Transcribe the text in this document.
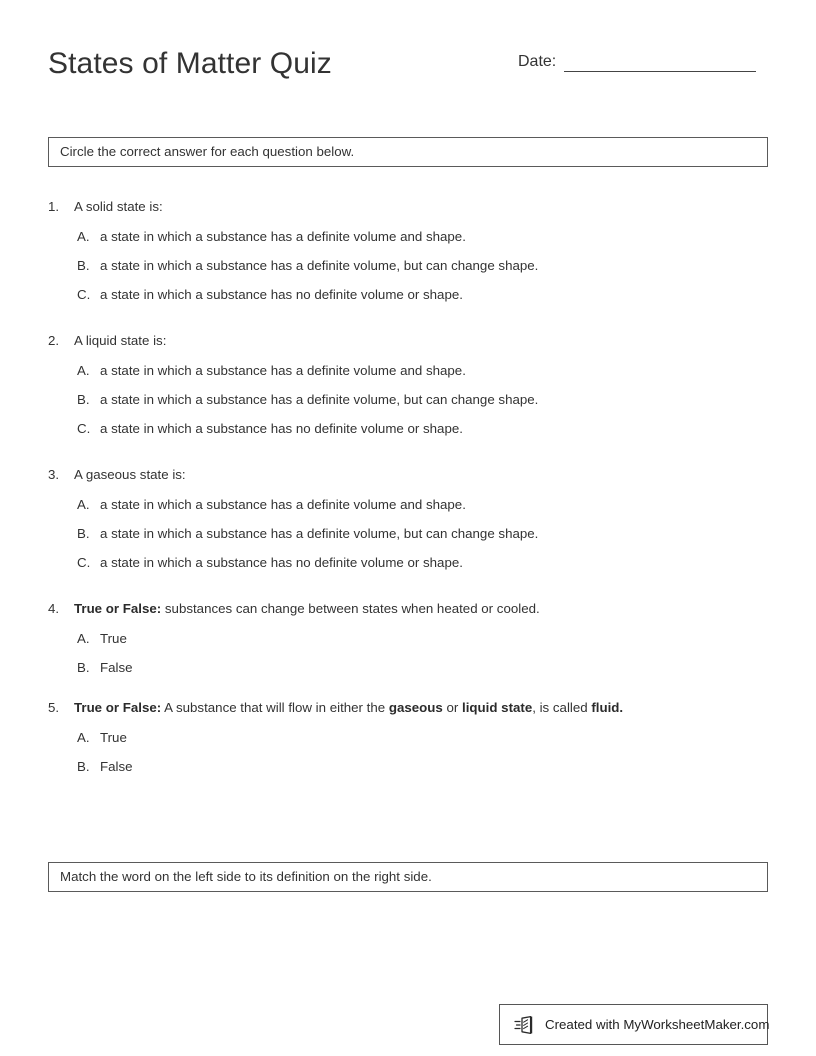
States of Matter Quiz	Date:
Circle the correct answer for each question below.
1.	A solid state is:
A. a state in which a substance has a definite volume and shape.
B. a state in which a substance has a definite volume, but can change shape.
C. a state in which a substance has no definite volume or shape.
2.	A liquid state is:
A. a state in which a substance has a definite volume and shape.
B. a state in which a substance has a definite volume, but can change shape.
C. a state in which a substance has no definite volume or shape.
3.	A gaseous state is:
A. a state in which a substance has a definite volume and shape.
B. a state in which a substance has a definite volume, but can change shape.
C. a state in which a substance has no definite volume or shape.
4.	True or False: substances can change between states when heated or cooled.
A. True
B. False
5.	True or False: A substance that will flow in either the gaseous or liquid state, is called fluid.
A. True
B. False
Match the word on the left side to its definition on the right side.
Created with MyWorksheetMaker.com
